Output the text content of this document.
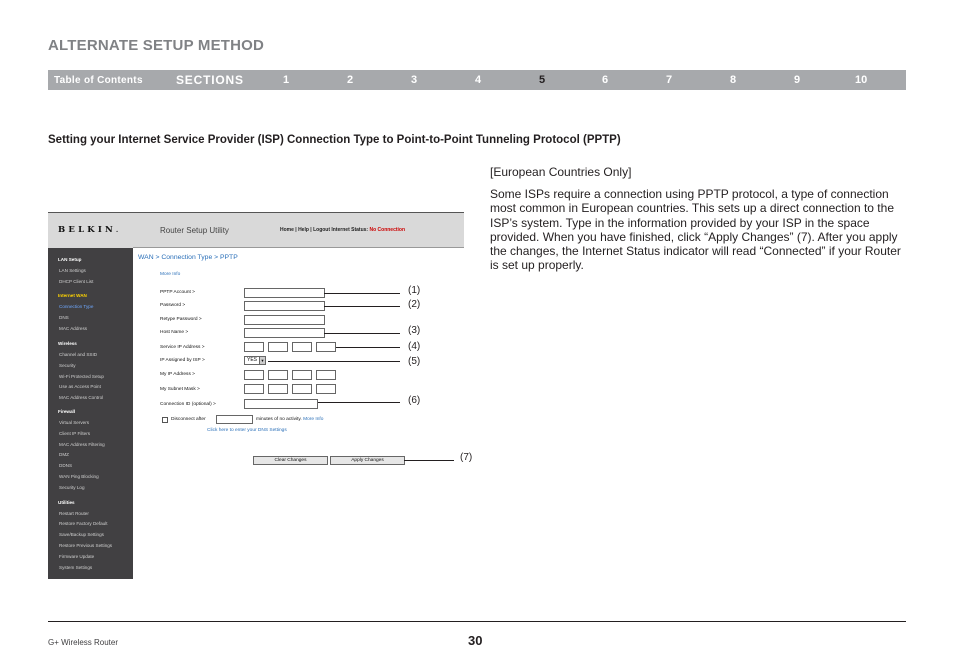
ALTERNATE SETUP METHOD
Table of Contents	SECTIONS	1	2	3	4	5	6	7	8	9	10
Setting your Internet Service Provider (ISP) Connection Type to Point-to-Point Tunneling Protocol (PPTP)
[European Countries Only]
Some ISPs require a connection using PPTP protocol, a type of connection most common in European countries. This sets up a direct connection to the ISP’s system. Type in the information provided by your ISP in the space provided. When you have finished, click “Apply Changes” (7). After you apply the changes, the Internet Status indicator will read “Connected” if your Router is set up properly.
BELKIN.	Router Setup Utility	Home | Help | Logout Internet Status: No Connection
LAN Setup
LAN Settings
DHCP Client List
Internet WAN
Connection Type
DNS
MAC Address
Wireless
Channel and SSID
Security
Wi-Fi Protected Setup
Use as Access Point
MAC Address Control
Firewall
Virtual Servers
Client IP Filters
MAC Address Filtering
DMZ
DDNS
WAN Ping Blocking
Security Log
Utilities
Restart Router
Restore Factory Default
Save/Backup Settings
Restore Previous Settings
Firmware Update
System Settings
WAN > Connection Type > PPTP
More Info
PPTP Account >
Password >
Retype Password >
Host Name >
Service IP Address >
IP Assigned by ISP >	YES ▼
My IP Address >
My Subnet Mask >
Connection ID (optional) >
Disconnect after	minutes of no activity. More Info
Click here to enter your DNS Settings
Clear Changes	Apply Changes
(1)
(2)
(3)
(4)
(5)
(6)
(7)
G+ Wireless Router	30
